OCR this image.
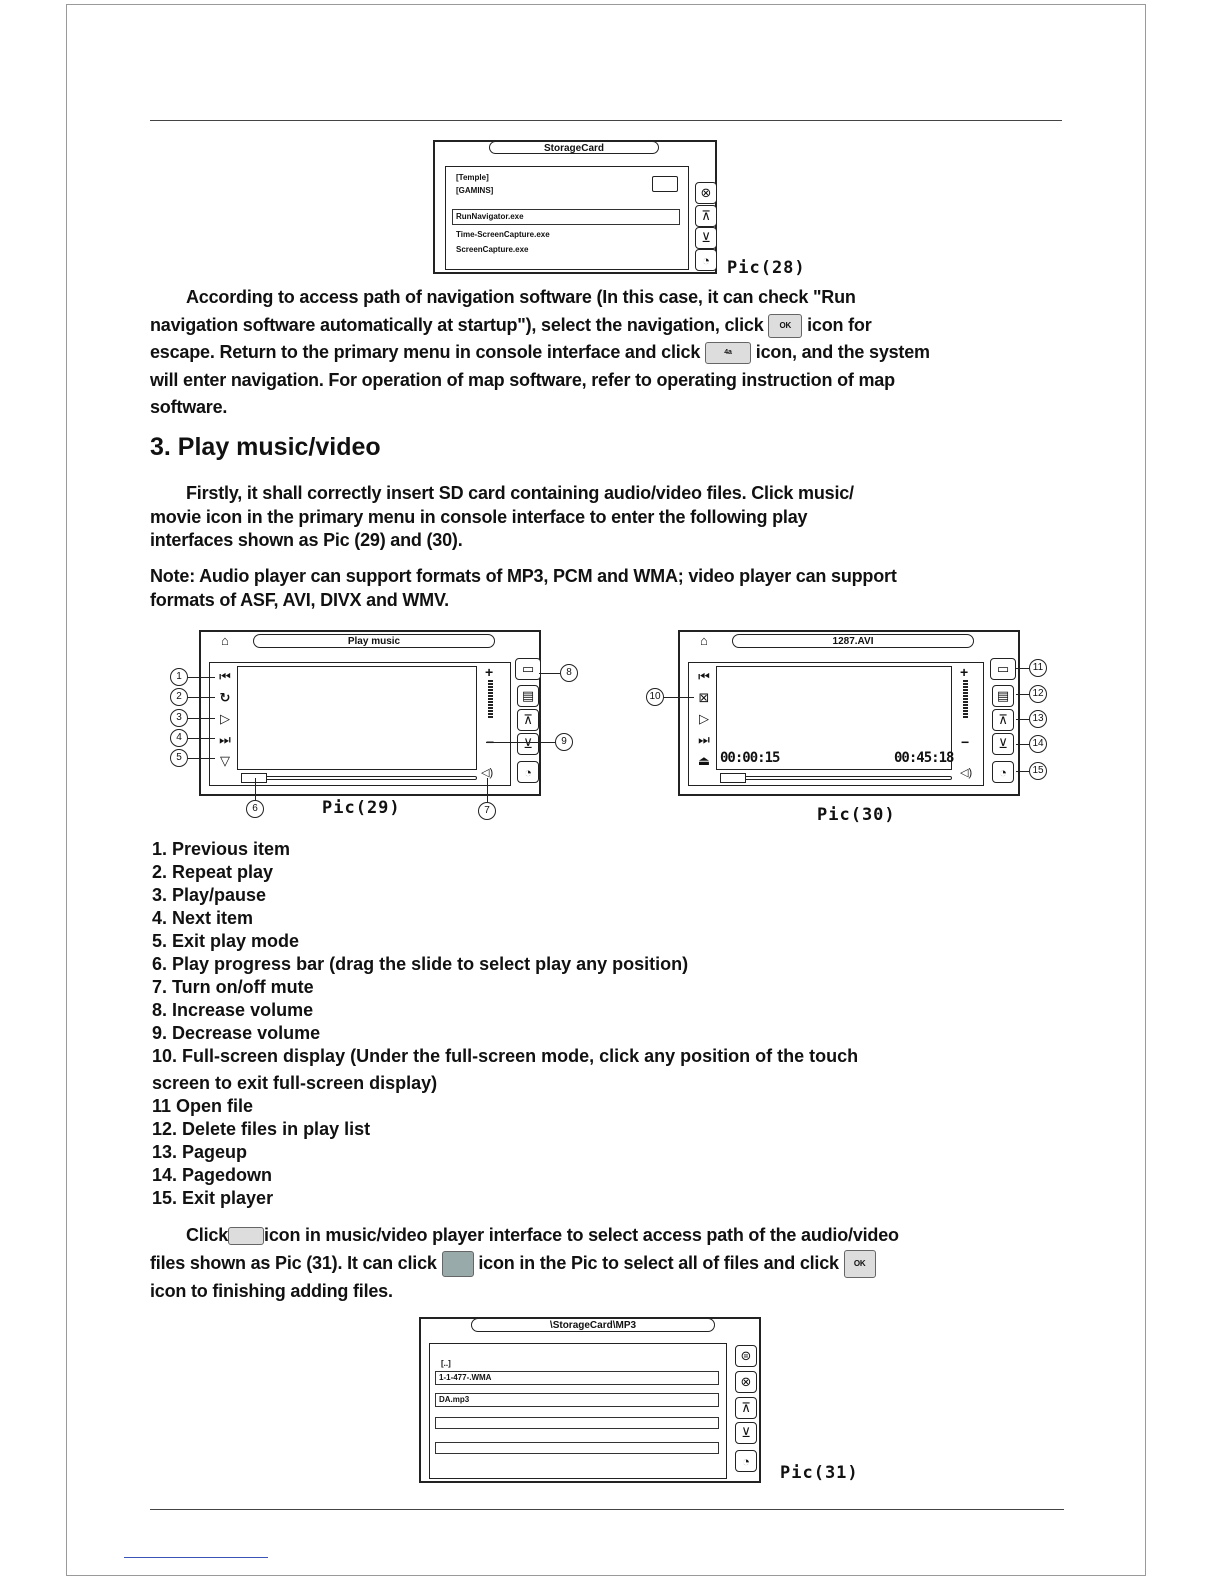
StorageCard
[Temple]
[GAMINS]
RunNavigator.exe
Time-ScreenCapture.exe
ScreenCapture.exe
⊗
⊼
⊻
◔	Pic(28)
According to access path of navigation software (In this case, it can check "Run
navigation software automatically at startup"), select the navigation, click OK icon for
escape. Return to the primary menu in console interface and click	4a icon, and the system
will enter navigation. For operation of map software, refer to operating instruction of map
software.
3. Play music/video
Firstly, it shall correctly insert SD card containing audio/video files. Click music/
movie icon in the primary menu in console interface to enter the following play
interfaces shown as Pic (29) and (30).
Note: Audio player can support formats of MP3, PCM and WMA; video player can support
formats of ASF, AVI, DIVX and WMV.
⌂	Play music
⏮
↻
▷
⏭
▽
+
−
◁)
▭
▤
⊼
⊻
◔
1
2
3
4
5
6	7
8
9
Pic(29)
⌂	1287.AVI
⏮
⊠
▷
⏭
⏏ 00:00:15	00:45:18
+
−
◁)
▭
▤
⊼
⊻
◔
10
11
12
13
14
15
Pic(30)
1. Previous item
2. Repeat play
3. Play/pause
4. Next item
5. Exit play mode
6. Play progress bar (drag the slide to select play any position)
7. Turn on/off mute
8. Increase volume
9. Decrease volume
10. Full-screen display (Under the full-screen mode, click any position of the touch
screen to exit full-screen display)
11 Open file
12. Delete files in play list
13. Pageup
14. Pagedown
15. Exit player
Click icon in music/video player interface to select access path of the audio/video
files shown as Pic (31). It can click icon in the Pic to select all of files and click OK
icon to finishing adding files.
\StorageCard\MP3
[..]
1-1-477-.WMA
DA.mp3
⊜
⊗
⊼
⊻
◔
Pic(31)
